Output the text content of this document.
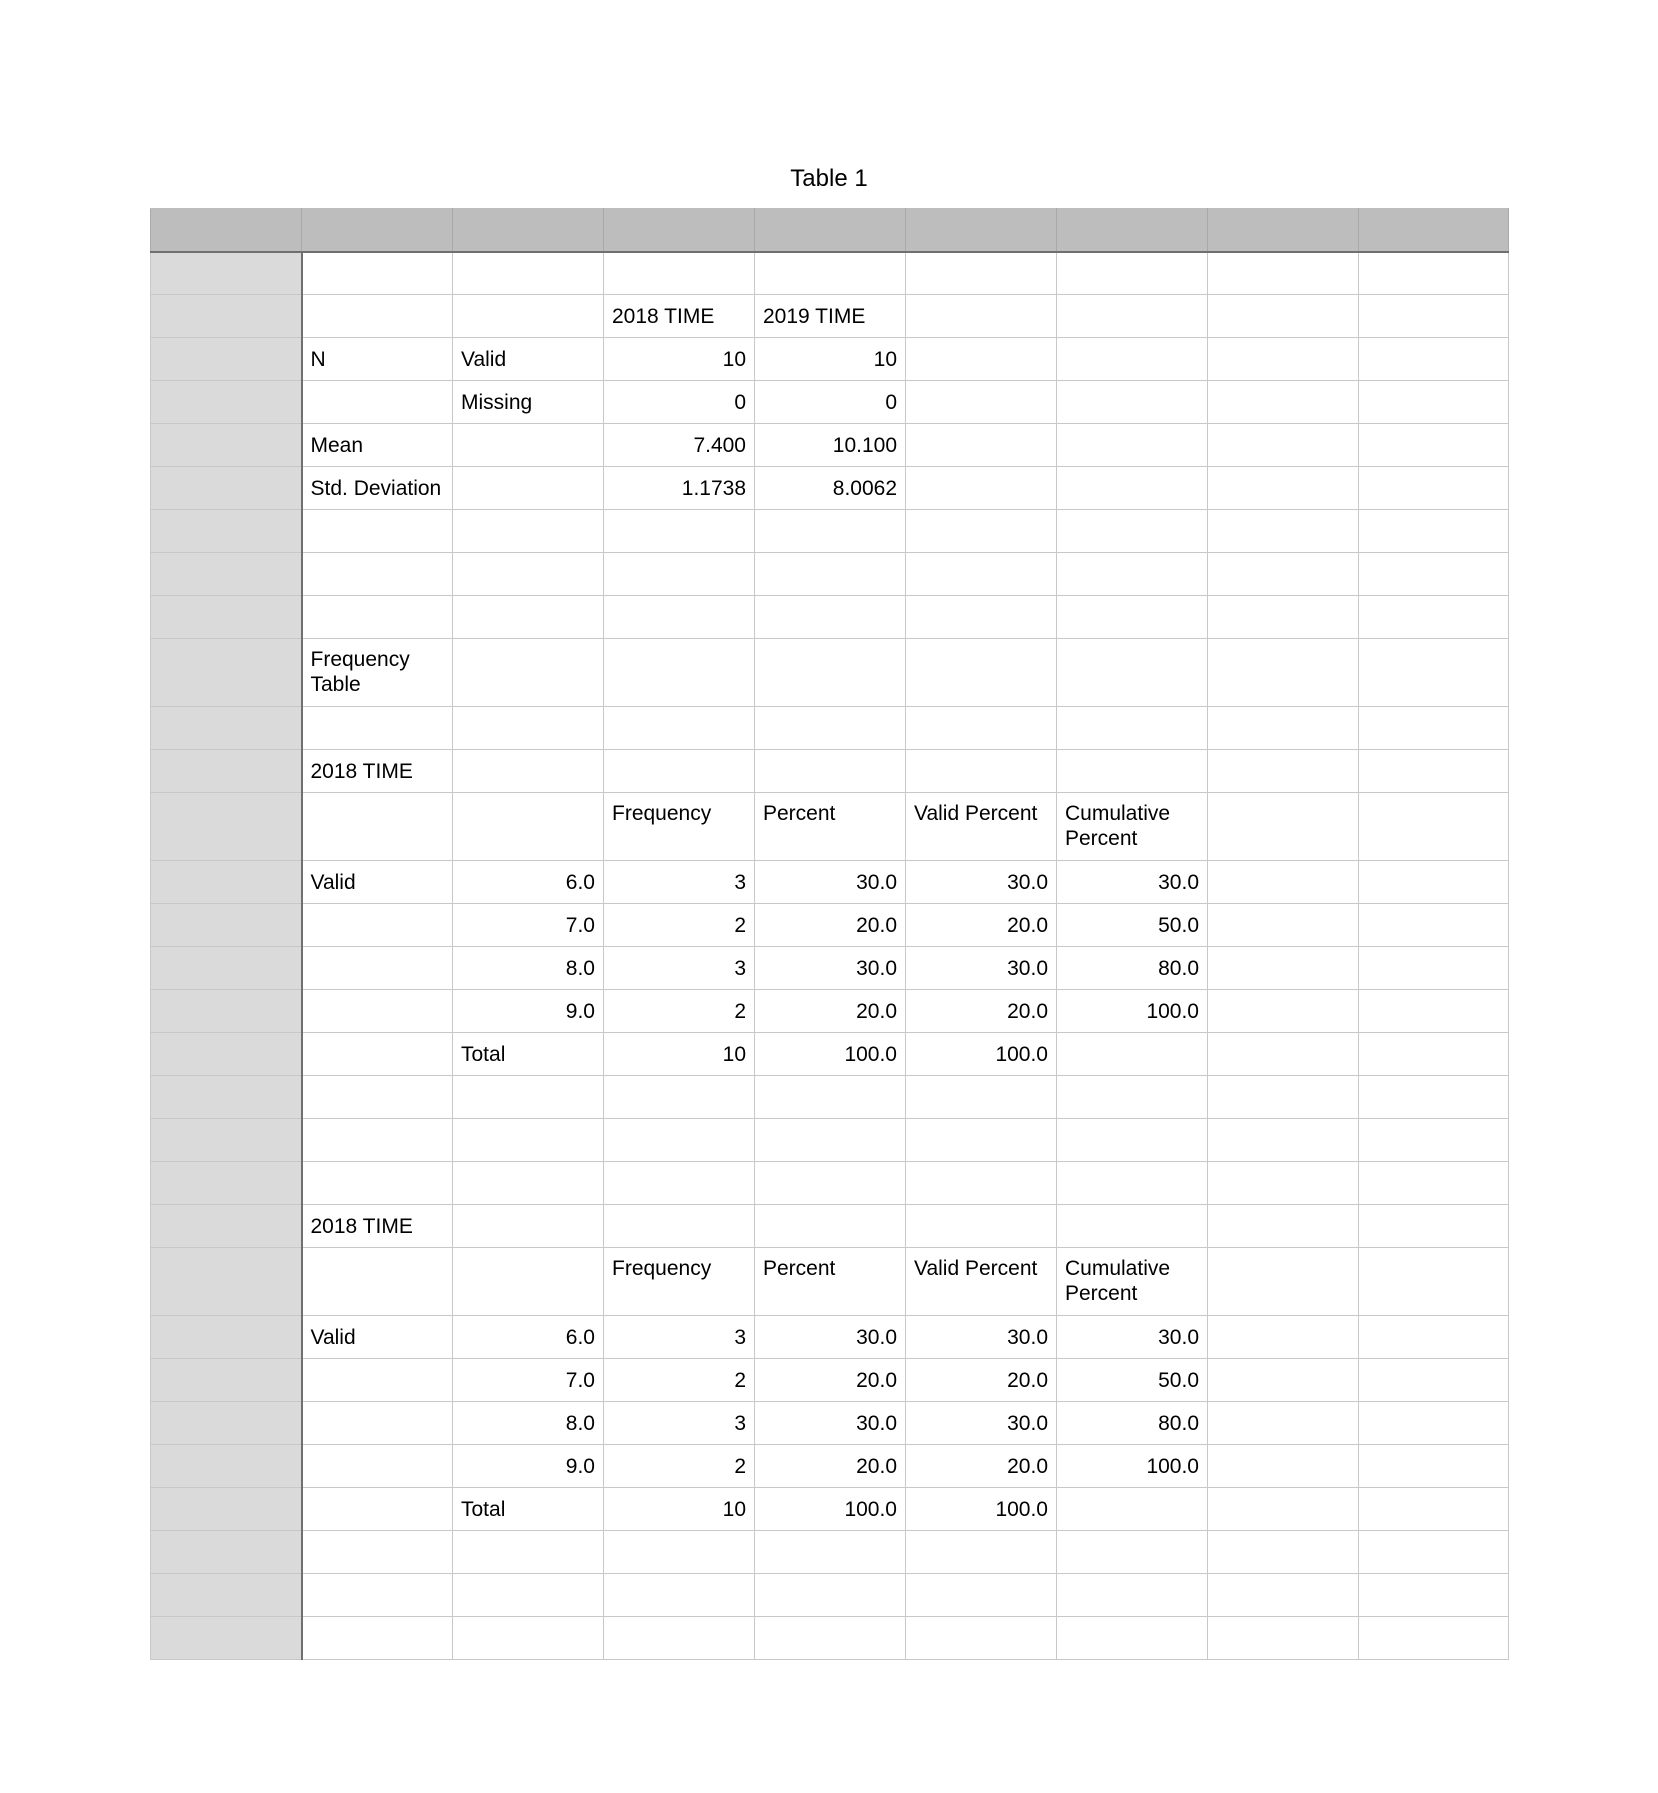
Table 1

			2018 TIME	2019 TIME				
	N	Valid	10	10				
		Missing	0	0				
	Mean		7.400	10.100				
	Std. Deviation		1.1738	8.0062				

	Frequency Table							

	2018 TIME							
			Frequency	Percent	Valid Percent	Cumulative Percent		
	Valid	6.0	3	30.0	30.0	30.0		
		7.0	2	20.0	20.0	50.0		
		8.0	3	30.0	30.0	80.0		
		9.0	2	20.0	20.0	100.0		
		Total	10	100.0	100.0			

	2018 TIME							
			Frequency	Percent	Valid Percent	Cumulative Percent		
	Valid	6.0	3	30.0	30.0	30.0		
		7.0	2	20.0	20.0	50.0		
		8.0	3	30.0	30.0	80.0		
		9.0	2	20.0	20.0	100.0		
		Total	10	100.0	100.0			
